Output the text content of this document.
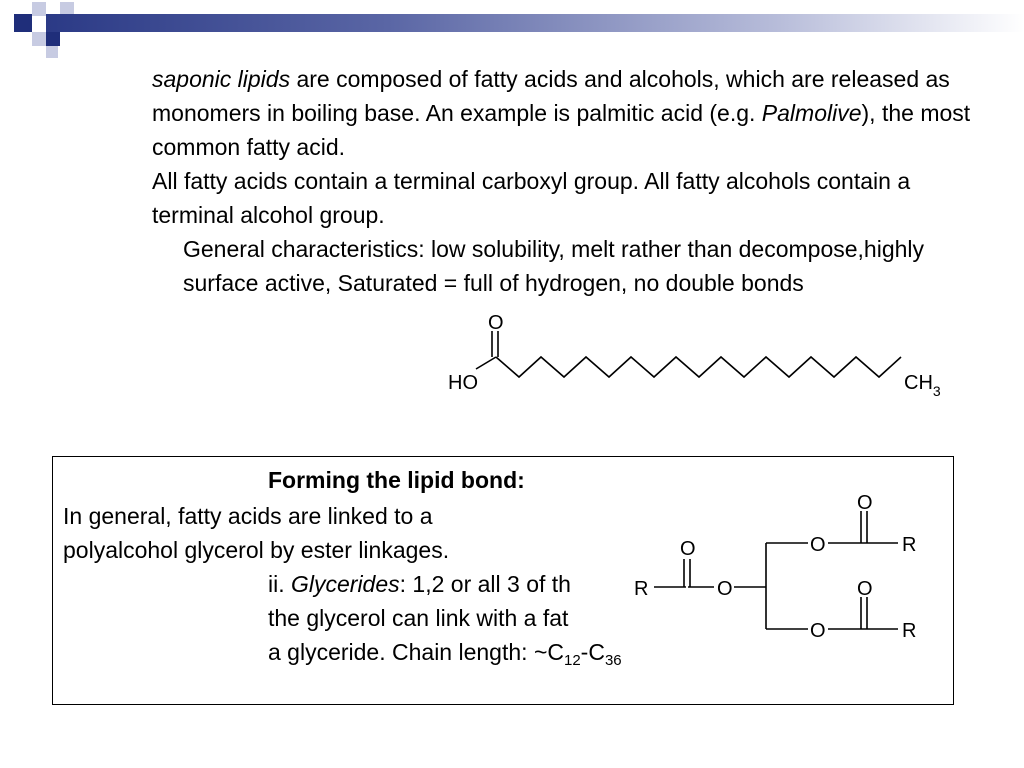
saponic lipids are composed of fatty acids and alcohols, which are released as monomers in boiling base. An example is palmitic acid (e.g. Palmolive), the most common fatty acid.

All fatty acids contain a terminal carboxyl group. All fatty alcohols contain a terminal alcohol group.

General characteristics: low solubility, melt rather than decompose,highly surface active, Saturated = full of hydrogen, no double bonds

O
HO	$CH_3$
Forming the lipid bond:
In general, fatty acids are linked to a
polyalcohol glycerol by ester linkages.
ii. Glycerides: 1,2 or all 3 of th
the glycerol can link with a fat
a glyceride. Chain length: $\sim C_{12}-C_{36}$
R
O
O
O
O
R
O
O
R
